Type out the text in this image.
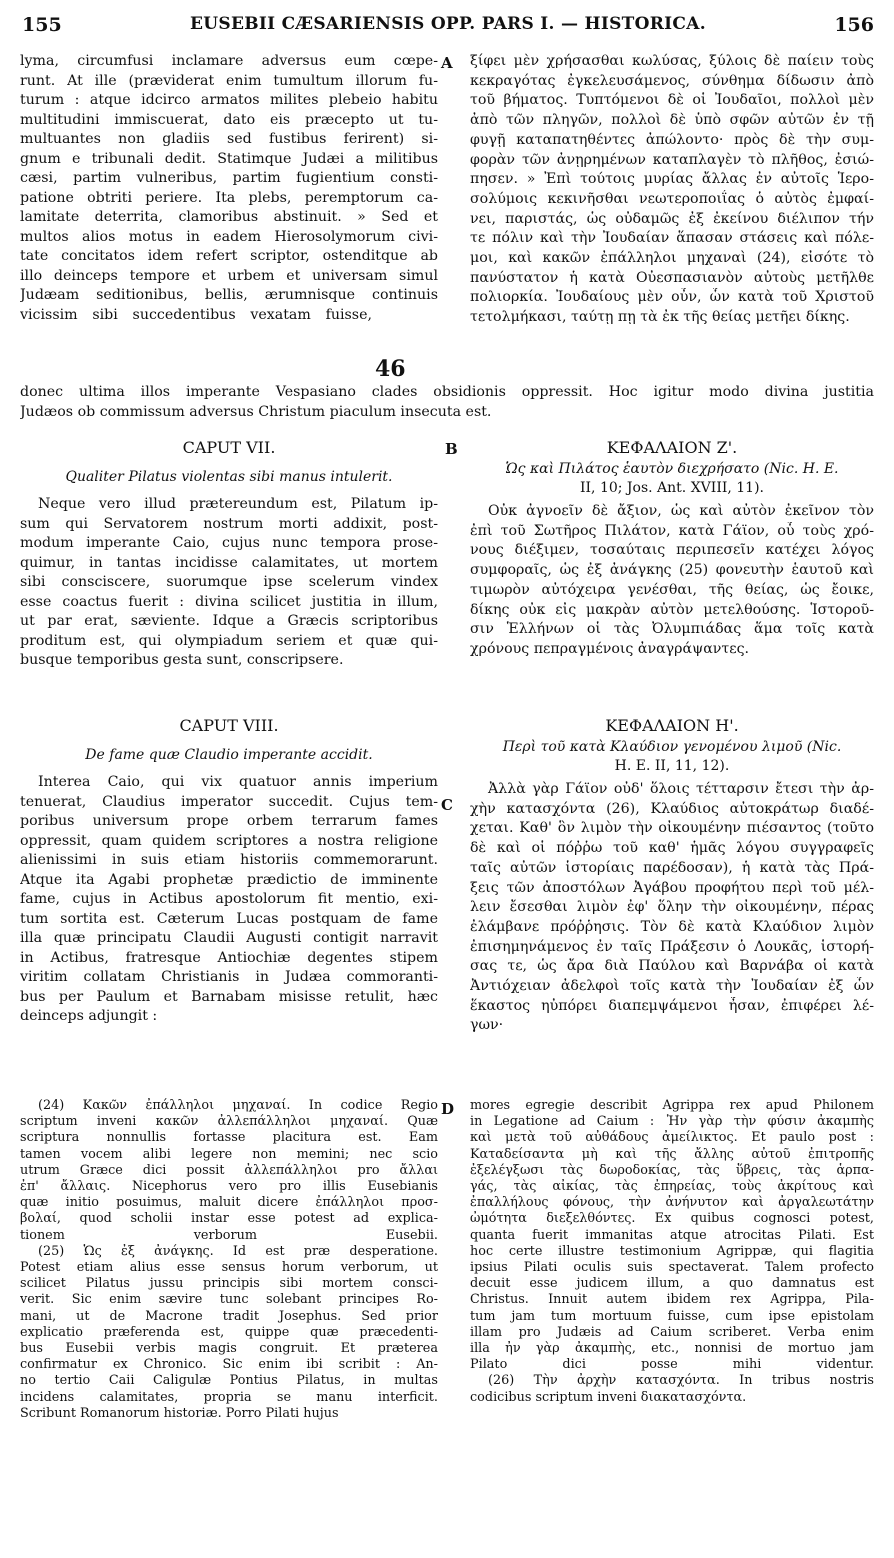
155	EUSEBII CÆSARIENSIS OPP. PARS I. — HISTORICA.	156
lyma, circumfusi inclamare adversus eum cœpe-
runt. At ille (præviderat enim tumultum illorum fu-
turum : atque idcirco armatos milites plebeio habitu
multitudini immiscuerat, dato eis præcepto ut tu-
multuantes non gladiis sed fustibus ferirent) si-
gnum e tribunali dedit. Statimque Judæi a militibus
cæsi, partim vulneribus, partim fugientium consti-
patione obtriti periere. Ita plebs, peremptorum ca-
lamitate deterrita, clamoribus abstinuit. » Sed et
multos alios motus in eadem Hierosolymorum civi-
tate concitatos idem refert scriptor, ostenditque ab
illo deinceps tempore et urbem et universam simul
Judæam seditionibus, bellis, ærumnisque continuis
vicissim sibi succedentibus vexatam fuisse,
ξίφει μὲν χρήσασθαι κωλύσας, ξύλοις δὲ παίειν τοὺς
κεκραγότας ἐγκελευσάμενος, σύνθημα δίδωσιν ἀπὸ
τοῦ βήματος. Τυπτόμενοι δὲ οἱ Ἰουδαῖοι, πολλοὶ μὲν
ἀπὸ τῶν πληγῶν, πολλοὶ δὲ ὑπὸ σφῶν αὐτῶν ἐν τῇ
φυγῇ καταπατηθέντες ἀπώλοντο· πρὸς δὲ τὴν συμ-
φορὰν τῶν ἀνῃρημένων καταπλαγὲν τὸ πλῆθος, ἐσιώ-
πησεν. » Ἐπὶ τούτοις μυρίας ἄλλας ἐν αὐτοῖς Ἱερο-
σολύμοις κεκινῆσθαι νεωτεροποιΐας ὁ αὐτὸς ἐμφαί-
νει, παριστάς, ὡς οὐδαμῶς ἐξ ἐκείνου διέλιπον τήν
τε πόλιν καὶ τὴν Ἰουδαίαν ἅπασαν στάσεις καὶ πόλε-
μοι, καὶ κακῶν ἐπάλληλοι μηχαναὶ (24), εἰσότε τὸ
πανύστατον ἡ κατὰ Οὐεσπασιανὸν αὐτοὺς μετῆλθε
πολιορκία. Ἰουδαίους μὲν οὖν, ὧν κατὰ τοῦ Χριστοῦ
τετολμήκασι, ταύτῃ πῃ τὰ ἐκ τῆς θείας μετῆει δίκης.
A
46
donec ultima illos imperante Vespasiano clades obsidionis oppressit. Hoc igitur modo divina justitia
Judæos ob commissum adversus Christum piaculum insecuta est.
B
C
D
CAPUT VII.
Qualiter Pilatus violentas sibi manus intulerit.
Neque vero illud prætereundum est, Pilatum ip-
sum qui Servatorem nostrum morti addixit, post-
modum imperante Caio, cujus nunc tempora prose-
quimur, in tantas incidisse calamitates, ut mortem
sibi consciscere, suorumque ipse scelerum vindex
esse coactus fuerit : divina scilicet justitia in illum,
ut par erat, sæviente. Idque a Græcis scriptoribus
proditum est, qui olympiadum seriem et quæ qui-
busque temporibus gesta sunt, conscripsere.
CAPUT VIII.
De fame quæ Claudio imperante accidit.
Interea Caio, qui vix quatuor annis imperium
tenuerat, Claudius imperator succedit. Cujus tem-
poribus universum prope orbem terrarum fames
oppressit, quam quidem scriptores a nostra religione
alienissimi in suis etiam historiis commemorarunt.
Atque ita Agabi prophetæ prædictio de imminente
fame, cujus in Actibus apostolorum fit mentio, exi-
tum sortita est. Cæterum Lucas postquam de fame
illa quæ principatu Claudii Augusti contigit narravit
in Actibus, fratresque Antiochiæ degentes stipem
viritim collatam Christianis in Judæa commoranti-
bus per Paulum et Barnabam misisse retulit, hæc
deinceps adjungit :
ΚΕΦΑΛΑΙΟΝ Ζ'.
Ὡς καὶ Πιλάτος ἑαυτὸν διεχρήσατο (Nic. H. E.
II, 10; Jos. Ant. XVIII, 11).
Οὐκ ἀγνοεῖν δὲ ἄξιον, ὡς καὶ αὐτὸν ἐκεῖνον τὸν
ἐπὶ τοῦ Σωτῆρος Πιλάτον, κατὰ Γάϊον, οὗ τοὺς χρό-
νους διέξιμεν, τοσαύταις περιπεσεῖν κατέχει λόγος
συμφοραῖς, ὡς ἐξ ἀνάγκης (25) φονευτὴν ἑαυτοῦ καὶ
τιμωρὸν αὐτόχειρα γενέσθαι, τῆς θείας, ὡς ἔοικε,
δίκης οὐκ εἰς μακρὰν αὐτὸν μετελθούσης. Ἱστοροῦ-
σιν Ἑλλήνων οἱ τὰς Ὀλυμπιάδας ἅμα τοῖς κατὰ
χρόνους πεπραγμένοις ἀναγράψαντες.
ΚΕΦΑΛΑΙΟΝ Η'.
Περὶ τοῦ κατὰ Κλαύδιον γενομένου λιμοῦ (Nic.
H. E. II, 11, 12).
Ἀλλὰ γὰρ Γάϊον οὐδ' ὅλοις τέτταρσιν ἔτεσι τὴν ἀρ-
χὴν κατασχόντα (26), Κλαύδιος αὐτοκράτωρ διαδέ-
χεται. Καθ' ὃν λιμὸν τὴν οἰκουμένην πιέσαντος (τοῦτο
δὲ καὶ οἱ πόῤῥω τοῦ καθ' ἡμᾶς λόγου συγγραφεῖς
ταῖς αὐτῶν ἱστορίαις παρέδοσαν), ἡ κατὰ τὰς Πρά-
ξεις τῶν ἀποστόλων Ἀγάβου προφήτου περὶ τοῦ μέλ-
λειν ἔσεσθαι λιμὸν ἐφ' ὅλην τὴν οἰκουμένην, πέρας
ἐλάμβανε πρόῤῥησις. Τὸν δὲ κατὰ Κλαύδιον λιμὸν
ἐπισημηνάμενος ἐν ταῖς Πράξεσιν ὁ Λουκᾶς, ἱστορή-
σας τε, ὡς ἄρα διὰ Παύλου καὶ Βαρνάβα οἱ κατὰ
Ἀντιόχειαν ἀδελφοὶ τοῖς κατὰ τὴν Ἰουδαίαν ἐξ ὧν
ἕκαστος ηὐπόρει διαπεμψάμενοι ἦσαν, ἐπιφέρει λέ-
γων·
(24) Κακῶν ἐπάλληλοι μηχαναί. In codice Regio
scriptum inveni κακῶν ἀλλεπάλληλοι μηχαναί. Quæ
scriptura nonnullis fortasse placitura est. Eam
tamen vocem alibi legere non memini; nec scio
utrum Græce dici possit ἀλλεπάλληλοι pro ἄλλαι
ἐπ' ἄλλαις. Nicephorus vero pro illis Eusebianis
quæ initio posuimus, maluit dicere ἐπάλληλοι προσ-
βολαί, quod scholii instar esse potest ad explica-
tionem verborum Eusebii.
(25) Ὡς ἐξ ἀνάγκης. Id est præ desperatione.
Potest etiam alius esse sensus horum verborum, ut
scilicet Pilatus jussu principis sibi mortem consci-
verit. Sic enim sævire tunc solebant principes Ro-
mani, ut de Macrone tradit Josephus. Sed prior
explicatio præferenda est, quippe quæ præcedenti-
bus Eusebii verbis magis congruit. Et præterea
confirmatur ex Chronico. Sic enim ibi scribit : An-
no tertio Caii Caligulæ Pontius Pilatus, in multas
incidens calamitates, propria se manu interficit.
Scribunt Romanorum historiæ. Porro Pilati hujus
mores egregie describit Agrippa rex apud Philonem
in Legatione ad Caium : Ἦν γὰρ τὴν φύσιν ἀκαμπὴς
καὶ μετὰ τοῦ αὐθάδους ἀμείλικτος. Et paulo post :
Καταδείσαντα μὴ καὶ τῆς ἄλλης αὐτοῦ ἐπιτροπῆς
ἐξελέγξωσι τὰς δωροδοκίας, τὰς ὕβρεις, τὰς ἁρπα-
γάς, τὰς αἰκίας, τὰς ἐπηρείας, τοὺς ἀκρίτους καὶ
ἐπαλλήλους φόνους, τὴν ἀνήνυτον καὶ ἀργαλεωτάτην
ὠμότητα διεξελθόντες. Ex quibus cognosci potest,
quanta fuerit immanitas atque atrocitas Pilati. Est
hoc certe illustre testimonium Agrippæ, qui flagitia
ipsius Pilati oculis suis spectaverat. Talem profecto
decuit esse judicem illum, a quo damnatus est
Christus. Innuit autem ibidem rex Agrippa, Pila-
tum jam tum mortuum fuisse, cum ipse epistolam
illam pro Judæis ad Caium scriberet. Verba enim
illa ἦν γὰρ ἀκαμπὴς, etc., nonnisi de mortuo jam
Pilato dici posse mihi videntur.
(26) Τὴν ἀρχὴν κατασχόντα. In tribus nostris
codicibus scriptum inveni διακατασχόντα.
